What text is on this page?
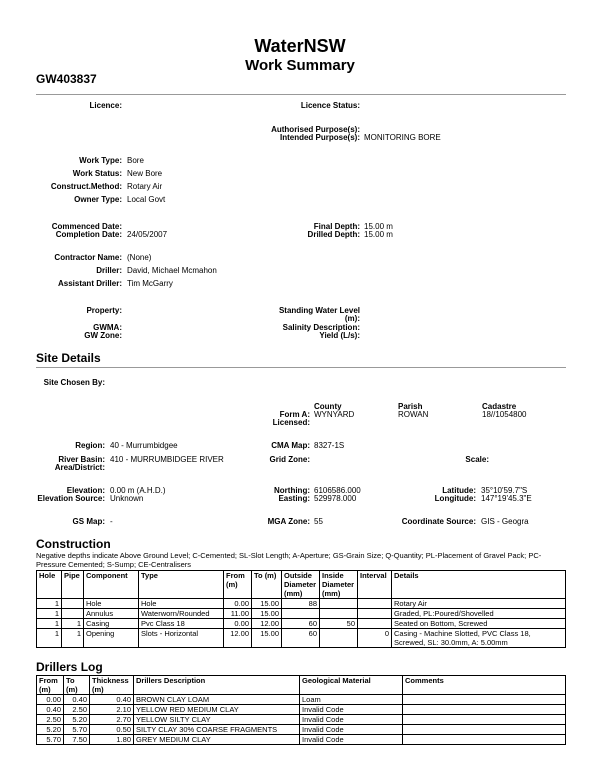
WaterNSW
Work Summary
GW403837
Licence:	Licence Status:
Authorised Purpose(s):
Intended Purpose(s): MONITORING BORE
Work Type: Bore
Work Status: New Bore
Construct.Method: Rotary Air
Owner Type: Local Govt
Commenced Date:
Completion Date: 24/05/2007
Final Depth: 15.00 m
Drilled Depth: 15.00 m
Contractor Name: (None)
Driller: David, Michael Mcmahon
Assistant Driller: Tim McGarry
Property:
GWMA:
GW Zone:
Standing Water Level
(m):
Salinity Description:
Yield (L/s):
Site Details
Site Chosen By:
County	Parish	Cadastre
Form A: WYNYARD	ROWAN	18//1054800
Licensed:
Region: 40 - Murrumbidgee	CMA Map: 8327-1S
River Basin: 410 - MURRUMBIDGEE RIVER
Area/District:
Grid Zone:	Scale:
Elevation: 0.00 m (A.H.D.)
Elevation Source: Unknown
Northing: 6106586.000
Easting: 529978.000
Latitude: 35°10'59.7"S
Longitude: 147°19'45.3"E
GS Map: -	MGA Zone: 55	Coordinate Source: GIS - Geogra
Construction
Negative depths indicate Above Ground Level; C-Cemented; SL-Slot Length; A-Aperture; GS-Grain Size; Q-Quantity; PL-Placement of Gravel Pack; PC-Pressure Cemented; S-Sump; CE-Centralisers
Hole	Pipe	Component	Type	From (m)	To (m)	Outside Diameter (mm)	Inside Diameter (mm)	Interval	Details
1		Hole	Hole	0.00	15.00	88			Rotary Air
1		Annulus	Waterworn/Rounded	11.00	15.00				Graded, PL:Poured/Shovelled
1	1	Casing	Pvc Class 18	0.00	12.00	60	50		Seated on Bottom, Screwed
1	1	Opening	Slots - Horizontal	12.00	15.00	60		0	Casing - Machine Slotted, PVC Class 18, Screwed, SL: 30.0mm, A: 5.00mm
Drillers Log
From (m)	To (m)	Thickness (m)	Drillers Description	Geological Material	Comments
0.00	0.40	0.40	BROWN CLAY LOAM	Loam	
0.40	2.50	2.10	YELLOW RED MEDIUM CLAY	Invalid Code	
2.50	5.20	2.70	YELLOW SILTY CLAY	Invalid Code	
5.20	5.70	0.50	SILTY CLAY 30% COARSE FRAGMENTS	Invalid Code	
5.70	7.50	1.80	GREY MEDIUM CLAY	Invalid Code	
